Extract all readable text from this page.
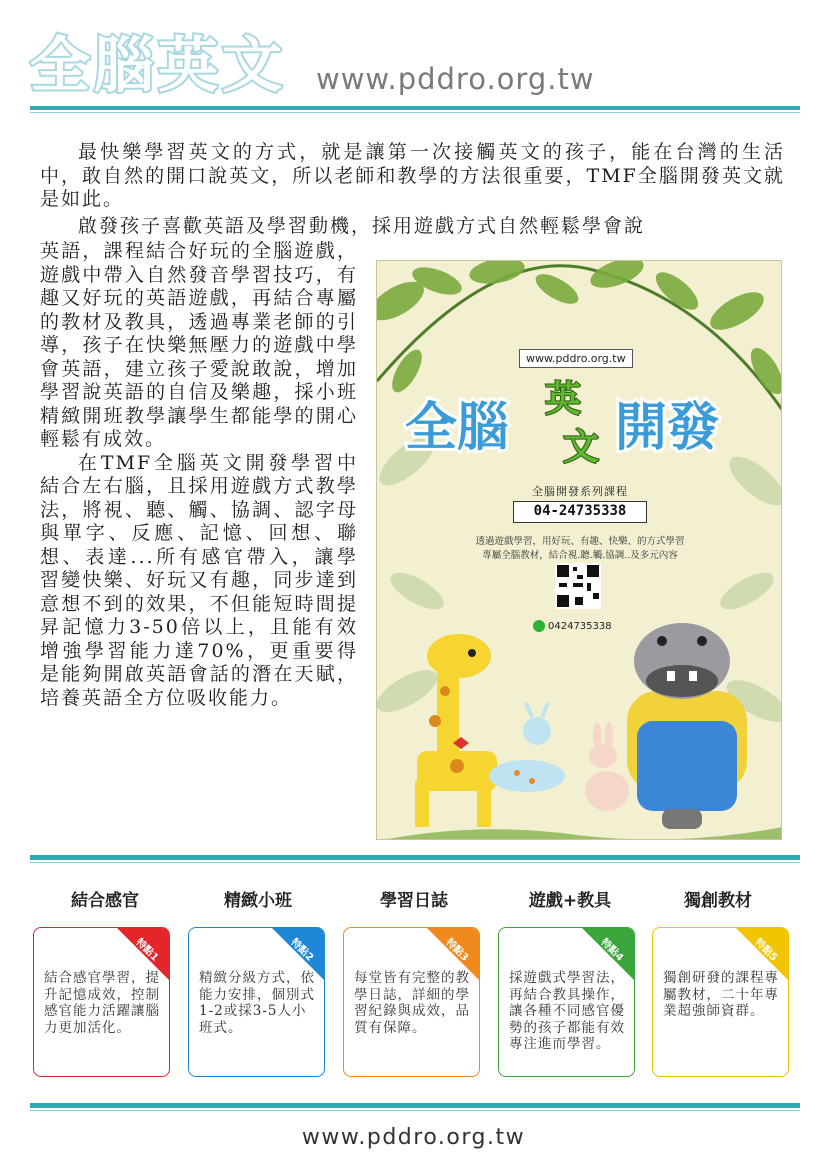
全腦英文 www.pddro.org.tw

最快樂學習英文的方式，就是讓第一次接觸英文的孩子，能在台灣的生活中，敢自然的開口說英文，所以老師和教學的方法很重要，TMF全腦開發英文就是如此。

啟發孩子喜歡英語及學習動機，採用遊戲方式自然輕鬆學會說

英語，課程結合好玩的全腦遊戲，遊戲中帶入自然發音學習技巧，有趣又好玩的英語遊戲，再結合專屬的教材及教具，透過專業老師的引導，孩子在快樂無壓力的遊戲中學會英語，建立孩子愛說敢說，增加學習說英語的自信及樂趣，採小班精緻開班教學讓學生都能學的開心輕鬆有成效。

在TMF全腦英文開發學習中結合左右腦，且採用遊戲方式教學法，將視、聽、觸、協調、認字母與單字、反應、記憶、回想、聯想、表達...所有感官帶入，讓學習變快樂、好玩又有趣，同步達到意想不到的效果，不但能短時間提昇記憶力3-50倍以上，且能有效增強學習能力達70%，更重要得是能夠開啟英語會話的潛在天賦，培養英語全方位吸收能力。

全腦 開發
英
文
www.pddro.org.tw
全腦開發系列課程
04-24735338
透過遊戲學習，用好玩、有趣、快樂、的方式學習
專屬全腦教材，結合視.聽.觸.協調..及多元內容
0424735338
結合感官	精緻小班	學習日誌	遊戲+教具	獨創教材
特點1
結合感官學習，提升記憶成效，控制感官能力活躍讓腦力更加活化。
特點2
精緻分級方式，依能力安排，個別式1-2或採3-5人小班式。
特點3
每堂皆有完整的教學日誌，詳細的學習紀錄與成效，品質有保障。
特點4
採遊戲式學習法，再結合教具操作，讓各種不同感官優勢的孩子都能有效專注進而學習。
特點5
獨創研發的課程專屬教材，二十年專業超強師資群。
www.pddro.org.tw
